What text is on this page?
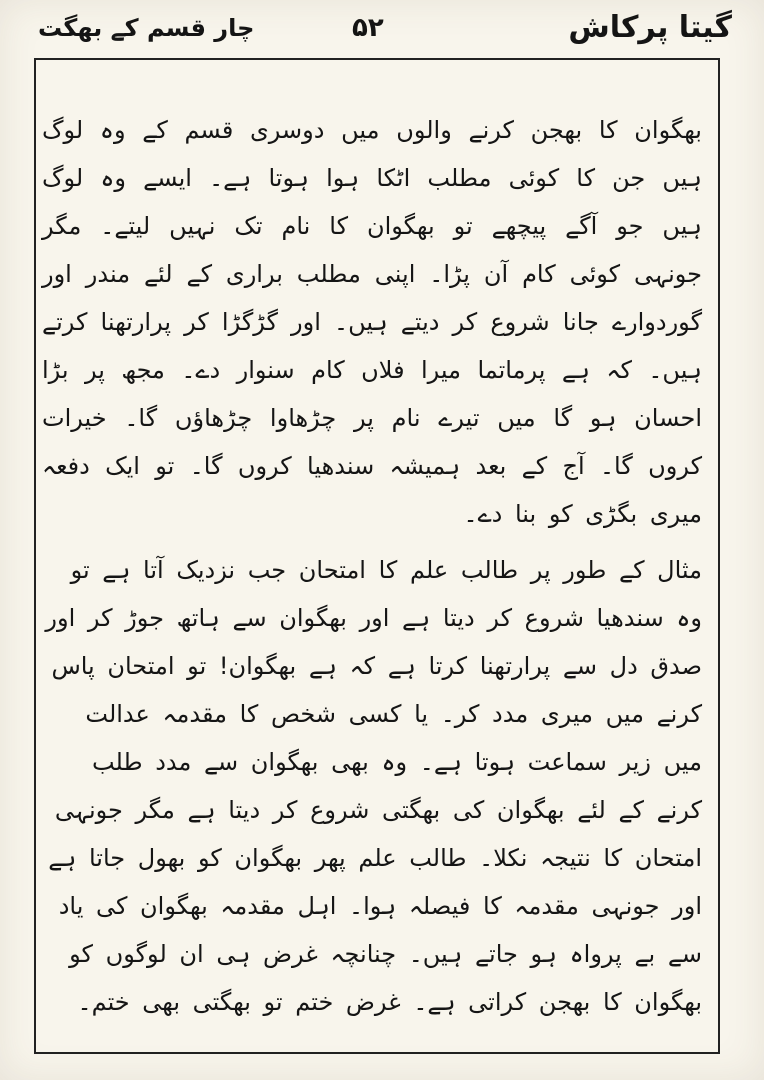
گیتا پرکاش
۵۲
چار قسم کے بھگت

بھگوان کا بھجن کرنے والوں میں دوسری قسم کے وہ لوگ ہیں جن کا کوئی مطلب اٹکا ہوا ہوتا ہے۔ ایسے وہ لوگ ہیں جو آگے پیچھے تو بھگوان کا نام تک نہیں لیتے۔ مگر جونہی کوئی کام آن پڑا۔ اپنی مطلب براری کے لئے مندر اور گوردوارے جانا شروع کر دیتے ہیں۔ اور گڑگڑا کر پرارتھنا کرتے ہیں۔ کہ ہے پرماتما میرا فلاں کام سنوار دے۔ مجھ پر بڑا احسان ہو گا میں تیرے نام پر چڑھاوا چڑھاؤں گا۔ خیرات کروں گا۔ آج کے بعد ہمیشہ سندھیا کروں گا۔ تو ایک دفعہ میری بگڑی کو بنا دے۔

مثال کے طور پر طالب علم کا امتحان جب نزدیک آتا ہے تو وہ سندھیا شروع کر دیتا ہے اور بھگوان سے ہاتھ جوڑ کر اور صدق دل سے پرارتھنا کرتا ہے کہ ہے بھگوان! تو امتحان پاس کرنے میں میری مدد کر۔ یا کسی شخص کا مقدمہ عدالت میں زیر سماعت ہوتا ہے۔ وہ بھی بھگوان سے مدد طلب کرنے کے لئے بھگوان کی بھگتی شروع کر دیتا ہے مگر جونہی امتحان کا نتیجہ نکلا۔ طالب علم پھر بھگوان کو بھول جاتا ہے اور جونہی مقدمہ کا فیصلہ ہوا۔ اہل مقدمہ بھگوان کی یاد سے بے پرواہ ہو جاتے ہیں۔ چنانچہ غرض ہی ان لوگوں کو بھگوان کا بھجن کراتی ہے۔ غرض ختم تو بھگتی بھی ختم۔
